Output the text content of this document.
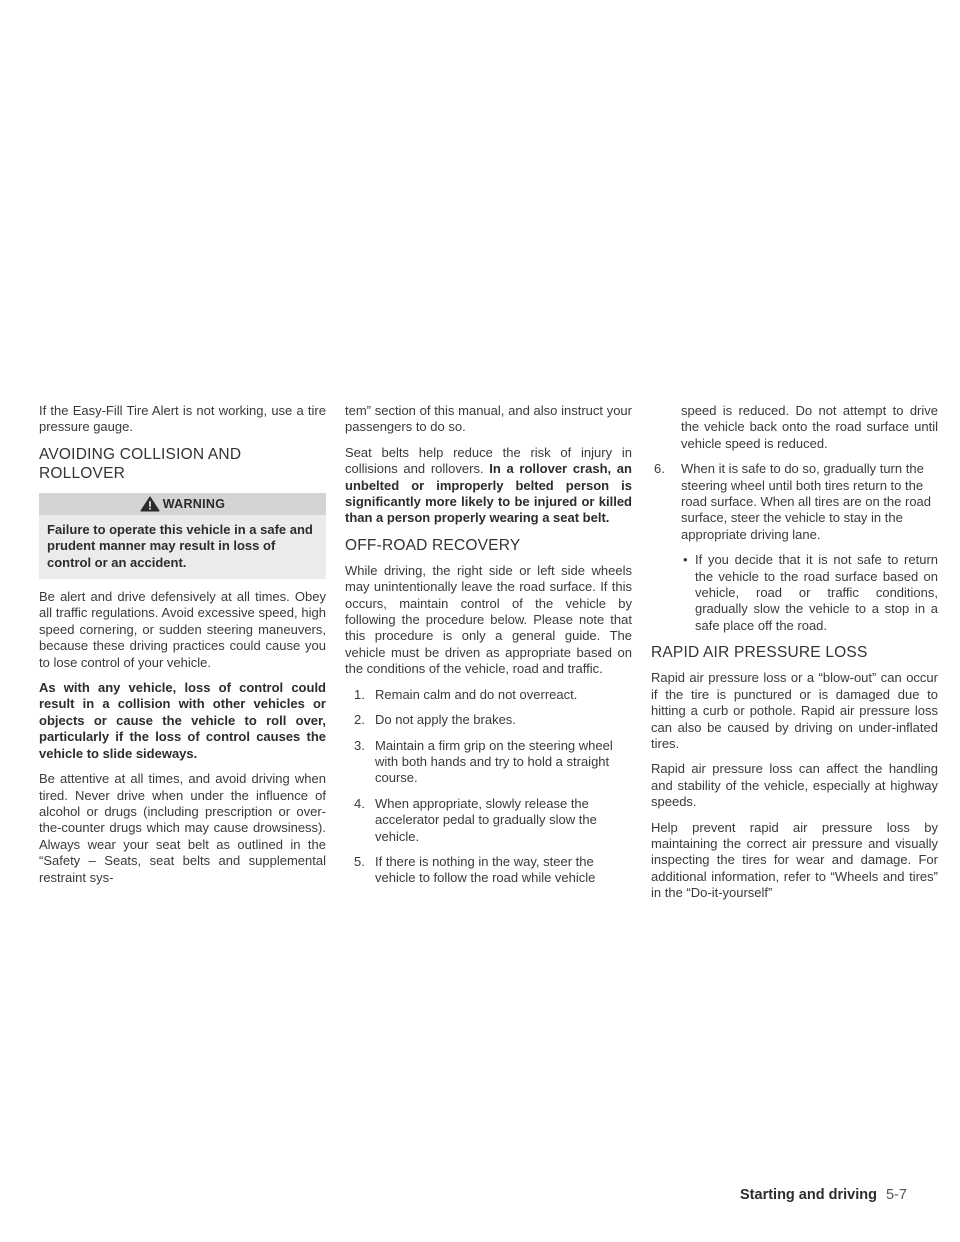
If the Easy-Fill Tire Alert is not working, use a tire pressure gauge.

AVOIDING COLLISION AND ROLLOVER
WARNING
Failure to operate this vehicle in a safe and prudent manner may result in loss of control or an accident.

Be alert and drive defensively at all times. Obey all traffic regulations. Avoid excessive speed, high speed cornering, or sudden steering maneuvers, because these driving practices could cause you to lose control of your vehicle.

As with any vehicle, loss of control could result in a collision with other vehicles or objects or cause the vehicle to roll over, particularly if the loss of control causes the vehicle to slide sideways.

Be attentive at all times, and avoid driving when tired. Never drive when under the influence of alcohol or drugs (including prescription or over-the-counter drugs which may cause drowsiness). Always wear your seat belt as outlined in the “Safety – Seats, seat belts and supplemental restraint sys-

tem” section of this manual, and also instruct your passengers to do so.

Seat belts help reduce the risk of injury in collisions and rollovers. In a rollover crash, an unbelted or improperly belted person is significantly more likely to be injured or killed than a person properly wearing a seat belt.

OFF-ROAD RECOVERY

While driving, the right side or left side wheels may unintentionally leave the road surface. If this occurs, maintain control of the vehicle by following the procedure below. Please note that this procedure is only a general guide. The vehicle must be driven as appropriate based on the conditions of the vehicle, road and traffic.

1. Remain calm and do not overreact.
2. Do not apply the brakes.
3. Maintain a firm grip on the steering wheel with both hands and try to hold a straight course.
4. When appropriate, slowly release the accelerator pedal to gradually slow the vehicle.
5. If there is nothing in the way, steer the vehicle to follow the road while vehicle

speed is reduced. Do not attempt to drive the vehicle back onto the road surface until vehicle speed is reduced.

6. When it is safe to do so, gradually turn the steering wheel until both tires return to the road surface. When all tires are on the road surface, steer the vehicle to stay in the appropriate driving lane.
• If you decide that it is not safe to return the vehicle to the road surface based on vehicle, road or traffic conditions, gradually slow the vehicle to a stop in a safe place off the road.
RAPID AIR PRESSURE LOSS

Rapid air pressure loss or a “blow-out” can occur if the tire is punctured or is damaged due to hitting a curb or pothole. Rapid air pressure loss can also be caused by driving on under-inflated tires.

Rapid air pressure loss can affect the handling and stability of the vehicle, especially at highway speeds.

Help prevent rapid air pressure loss by maintaining the correct air pressure and visually inspecting the tires for wear and damage. For additional information, refer to “Wheels and tires” in the “Do-it-yourself”

Starting and driving 5-7
